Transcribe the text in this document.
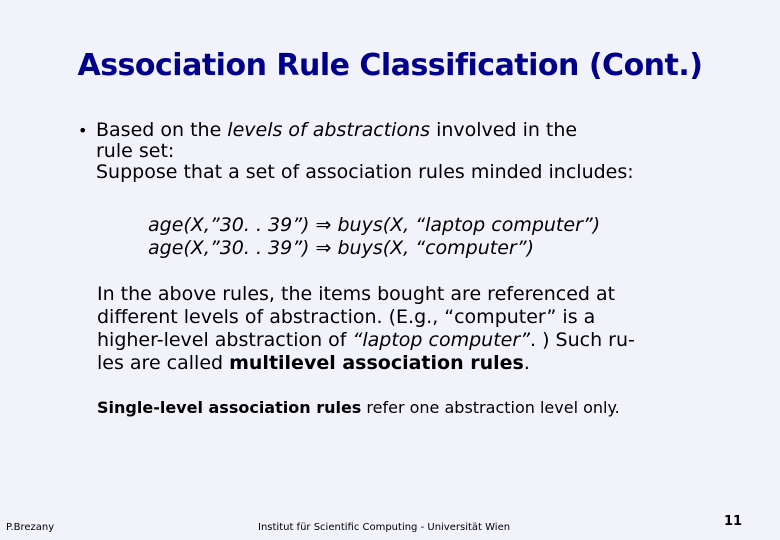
Association Rule Classification (Cont.)
• Based on the levels of abstractions involved in the
rule set:
Suppose that a set of association rules minded includes:
age(X,”30. . 39”) ⇒ buys(X, “laptop computer”)
age(X,”30. . 39”) ⇒ buys(X, “computer”)
In the above rules, the items bought are referenced at
different levels of abstraction. (E.g., “computer” is a
higher-level abstraction of “laptop computer”. ) Such ru-
les are called multilevel association rules.
Single-level association rules refer one abstraction level only.
P.Brezany	Institut für Scientific Computing - Universität Wien	11
